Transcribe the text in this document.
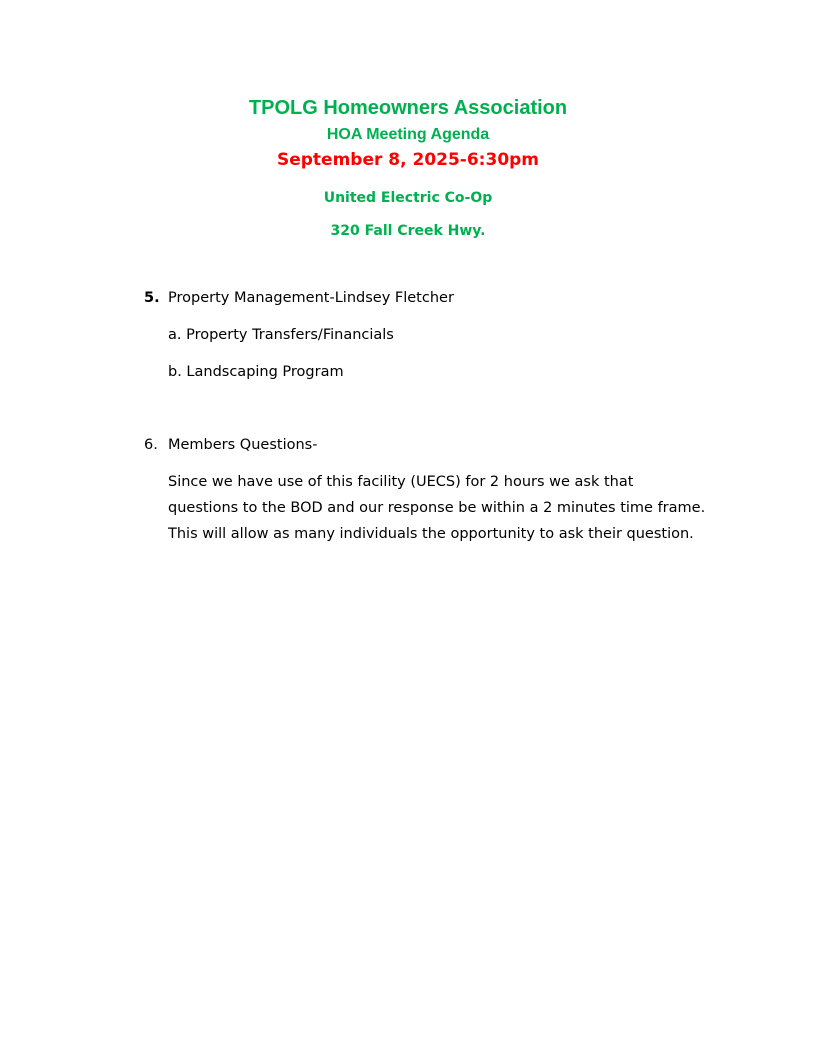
TPOLG Homeowners Association
HOA Meeting Agenda
September 8, 2025-6:30pm
United Electric Co-Op
320 Fall Creek Hwy.
5. Property Management-Lindsey Fletcher
a. Property Transfers/Financials
b. Landscaping Program
6. Members Questions-
Since we have use of this facility (UECS) for 2 hours we ask that questions to the BOD and our response be within a 2 minutes time frame. This will allow as many individuals the opportunity to ask their question.
